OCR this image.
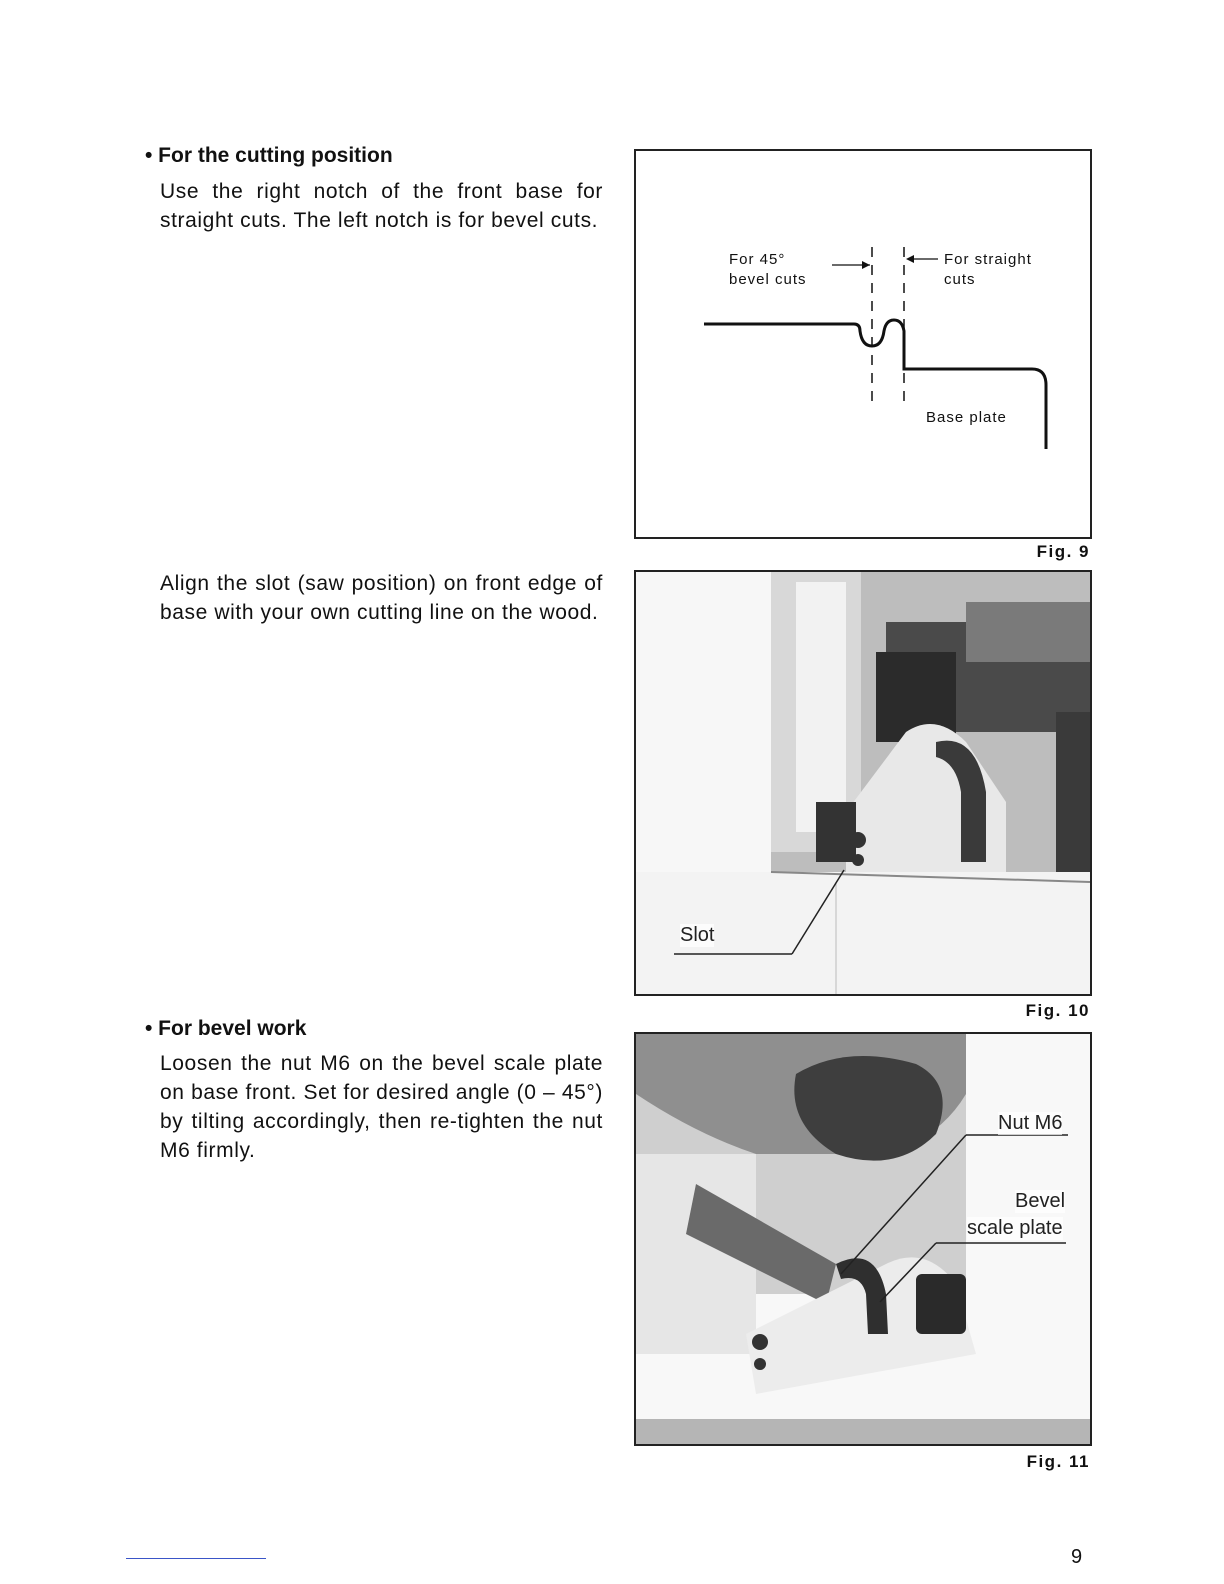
• For the cutting position
Use the right notch of the front base for straight cuts. The left notch is for bevel cuts.
For 45°
bevel cuts
For straight
cuts
Base plate
Fig. 9
Align the slot (saw position) on front edge of base with your own cutting line on the wood.
Slot
Fig. 10
• For bevel work
Loosen the nut M6 on the bevel scale plate on base front. Set for desired angle (0 – 45°) by tilting accordingly, then re-tighten the nut M6 firmly.
Nut M6
Bevel
scale plate
Fig. 11
9
